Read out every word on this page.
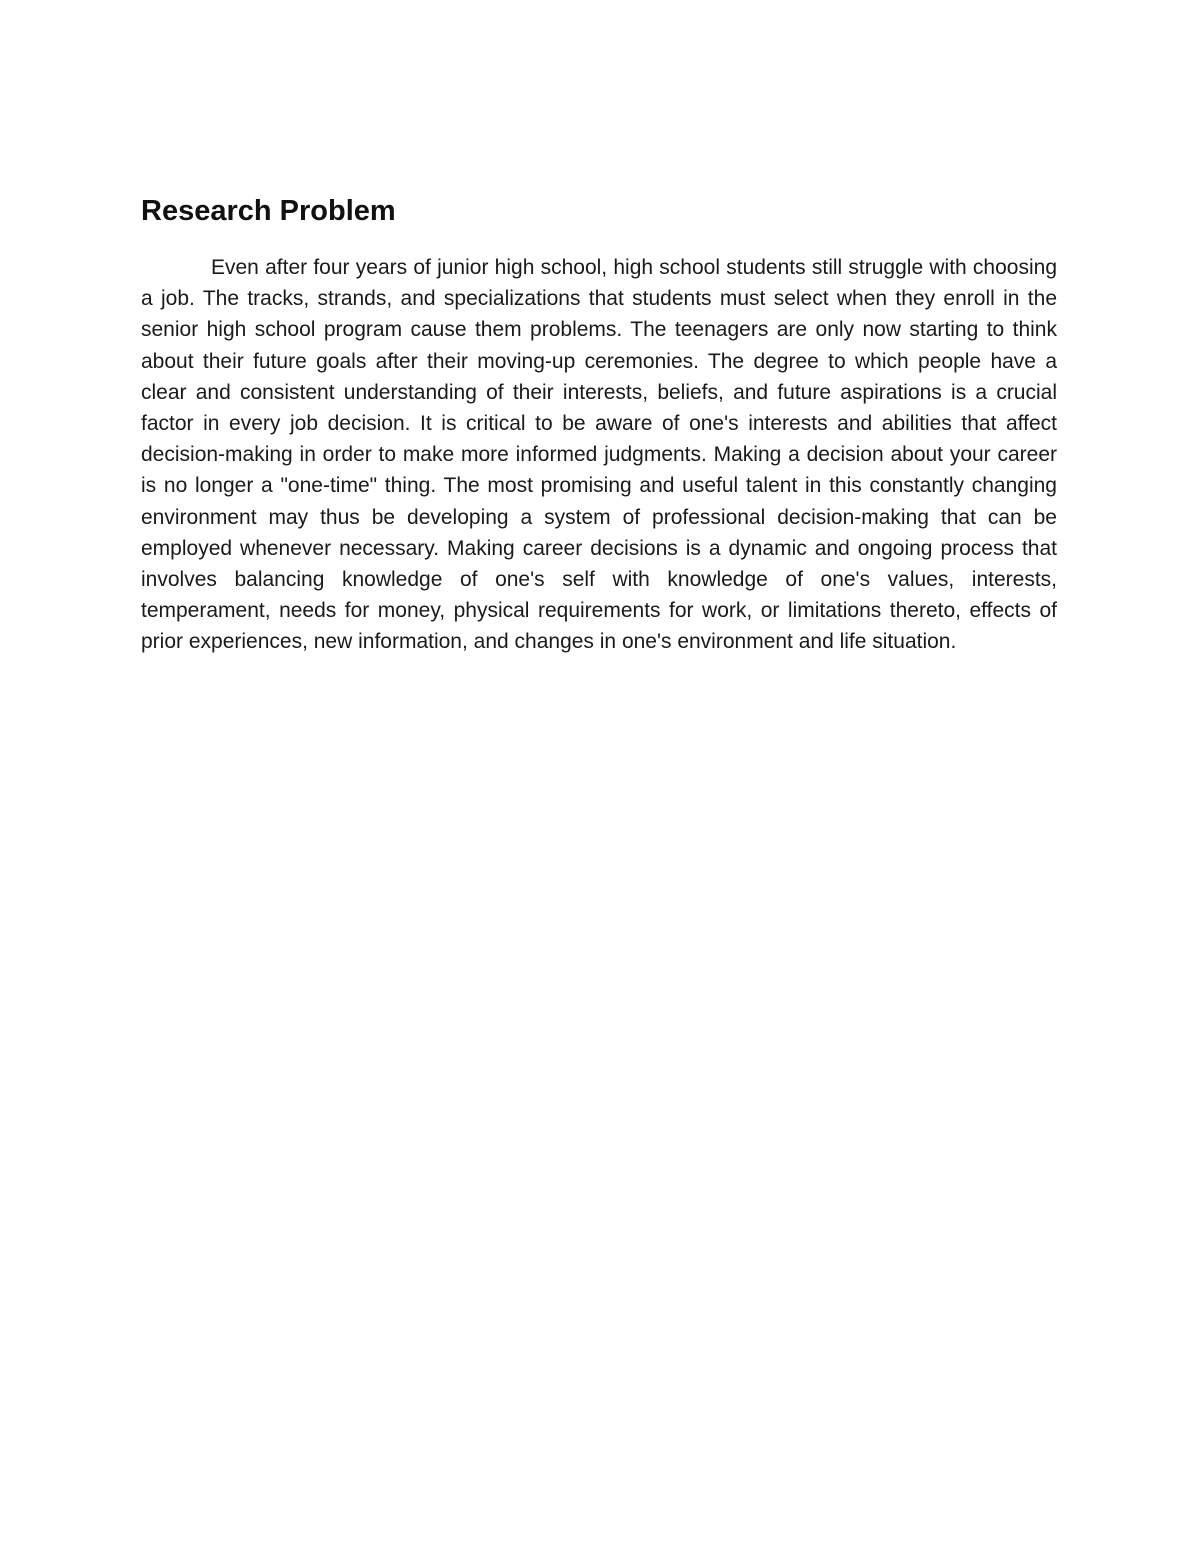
Research Problem

Even after four years of junior high school, high school students still struggle with choosing a job. The tracks, strands, and specializations that students must select when they enroll in the senior high school program cause them problems. The teenagers are only now starting to think about their future goals after their moving-up ceremonies. The degree to which people have a clear and consistent understanding of their interests, beliefs, and future aspirations is a crucial factor in every job decision. It is critical to be aware of one's interests and abilities that affect decision-making in order to make more informed judgments. Making a decision about your career is no longer a "one-time" thing. The most promising and useful talent in this constantly changing environment may thus be developing a system of professional decision-making that can be employed whenever necessary. Making career decisions is a dynamic and ongoing process that involves balancing knowledge of one's self with knowledge of one's values, interests, temperament, needs for money, physical requirements for work, or limitations thereto, effects of prior experiences, new information, and changes in one's environment and life situation.
